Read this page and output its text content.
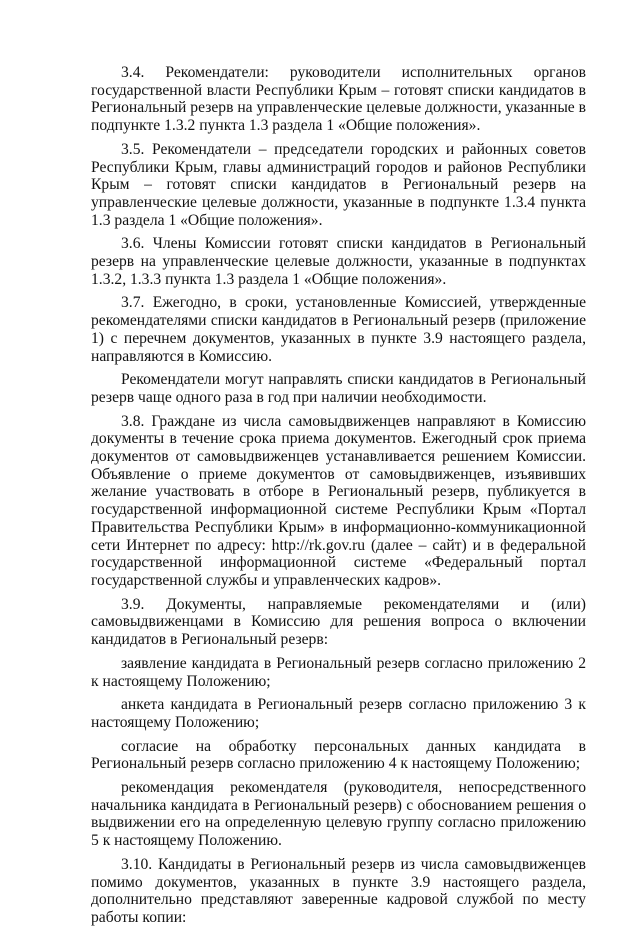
3.4. Рекомендатели: руководители исполнительных органов государственной власти Республики Крым – готовят списки кандидатов в Региональный резерв на управленческие целевые должности, указанные в подпункте 1.3.2 пункта 1.3 раздела 1 «Общие положения».

3.5. Рекомендатели – председатели городских и районных советов Республики Крым, главы администраций городов и районов Республики Крым – готовят списки кандидатов в Региональный резерв на управленческие целевые должности, указанные в подпункте 1.3.4 пункта 1.3 раздела 1 «Общие положения».

3.6. Члены Комиссии готовят списки кандидатов в Региональный резерв на управленческие целевые должности, указанные в подпунктах 1.3.2, 1.3.3 пункта 1.3 раздела 1 «Общие положения».

3.7. Ежегодно, в сроки, установленные Комиссией, утвержденные рекомендателями списки кандидатов в Региональный резерв (приложение 1) с перечнем документов, указанных в пункте 3.9 настоящего раздела, направляются в Комиссию.

Рекомендатели могут направлять списки кандидатов в Региональный резерв чаще одного раза в год при наличии необходимости.

3.8. Граждане из числа самовыдвиженцев направляют в Комиссию документы в течение срока приема документов. Ежегодный срок приема документов от самовыдвиженцев устанавливается решением Комиссии. Объявление о приеме документов от самовыдвиженцев, изъявивших желание участвовать в отборе в Региональный резерв, публикуется в государственной информационной системе Республики Крым «Портал Правительства Республики Крым» в информационно-коммуникационной сети Интернет по адресу: http://rk.gov.ru (далее – сайт) и в федеральной государственной информационной системе «Федеральный портал государственной службы и управленческих кадров».

3.9. Документы, направляемые рекомендателями и (или) самовыдвиженцами в Комиссию для решения вопроса о включении кандидатов в Региональный резерв:

заявление кандидата в Региональный резерв согласно приложению 2 к настоящему Положению;

анкета кандидата в Региональный резерв согласно приложению 3 к настоящему Положению;

согласие на обработку персональных данных кандидата в Региональный резерв согласно приложению 4 к настоящему Положению;

рекомендация рекомендателя (руководителя, непосредственного начальника кандидата в Региональный резерв) с обоснованием решения о выдвижении его на определенную целевую группу согласно приложению 5 к настоящему Положению.

3.10. Кандидаты в Региональный резерв из числа самовыдвиженцев помимо документов, указанных в пункте 3.9 настоящего раздела, дополнительно представляют заверенные кадровой службой по месту работы копии:
